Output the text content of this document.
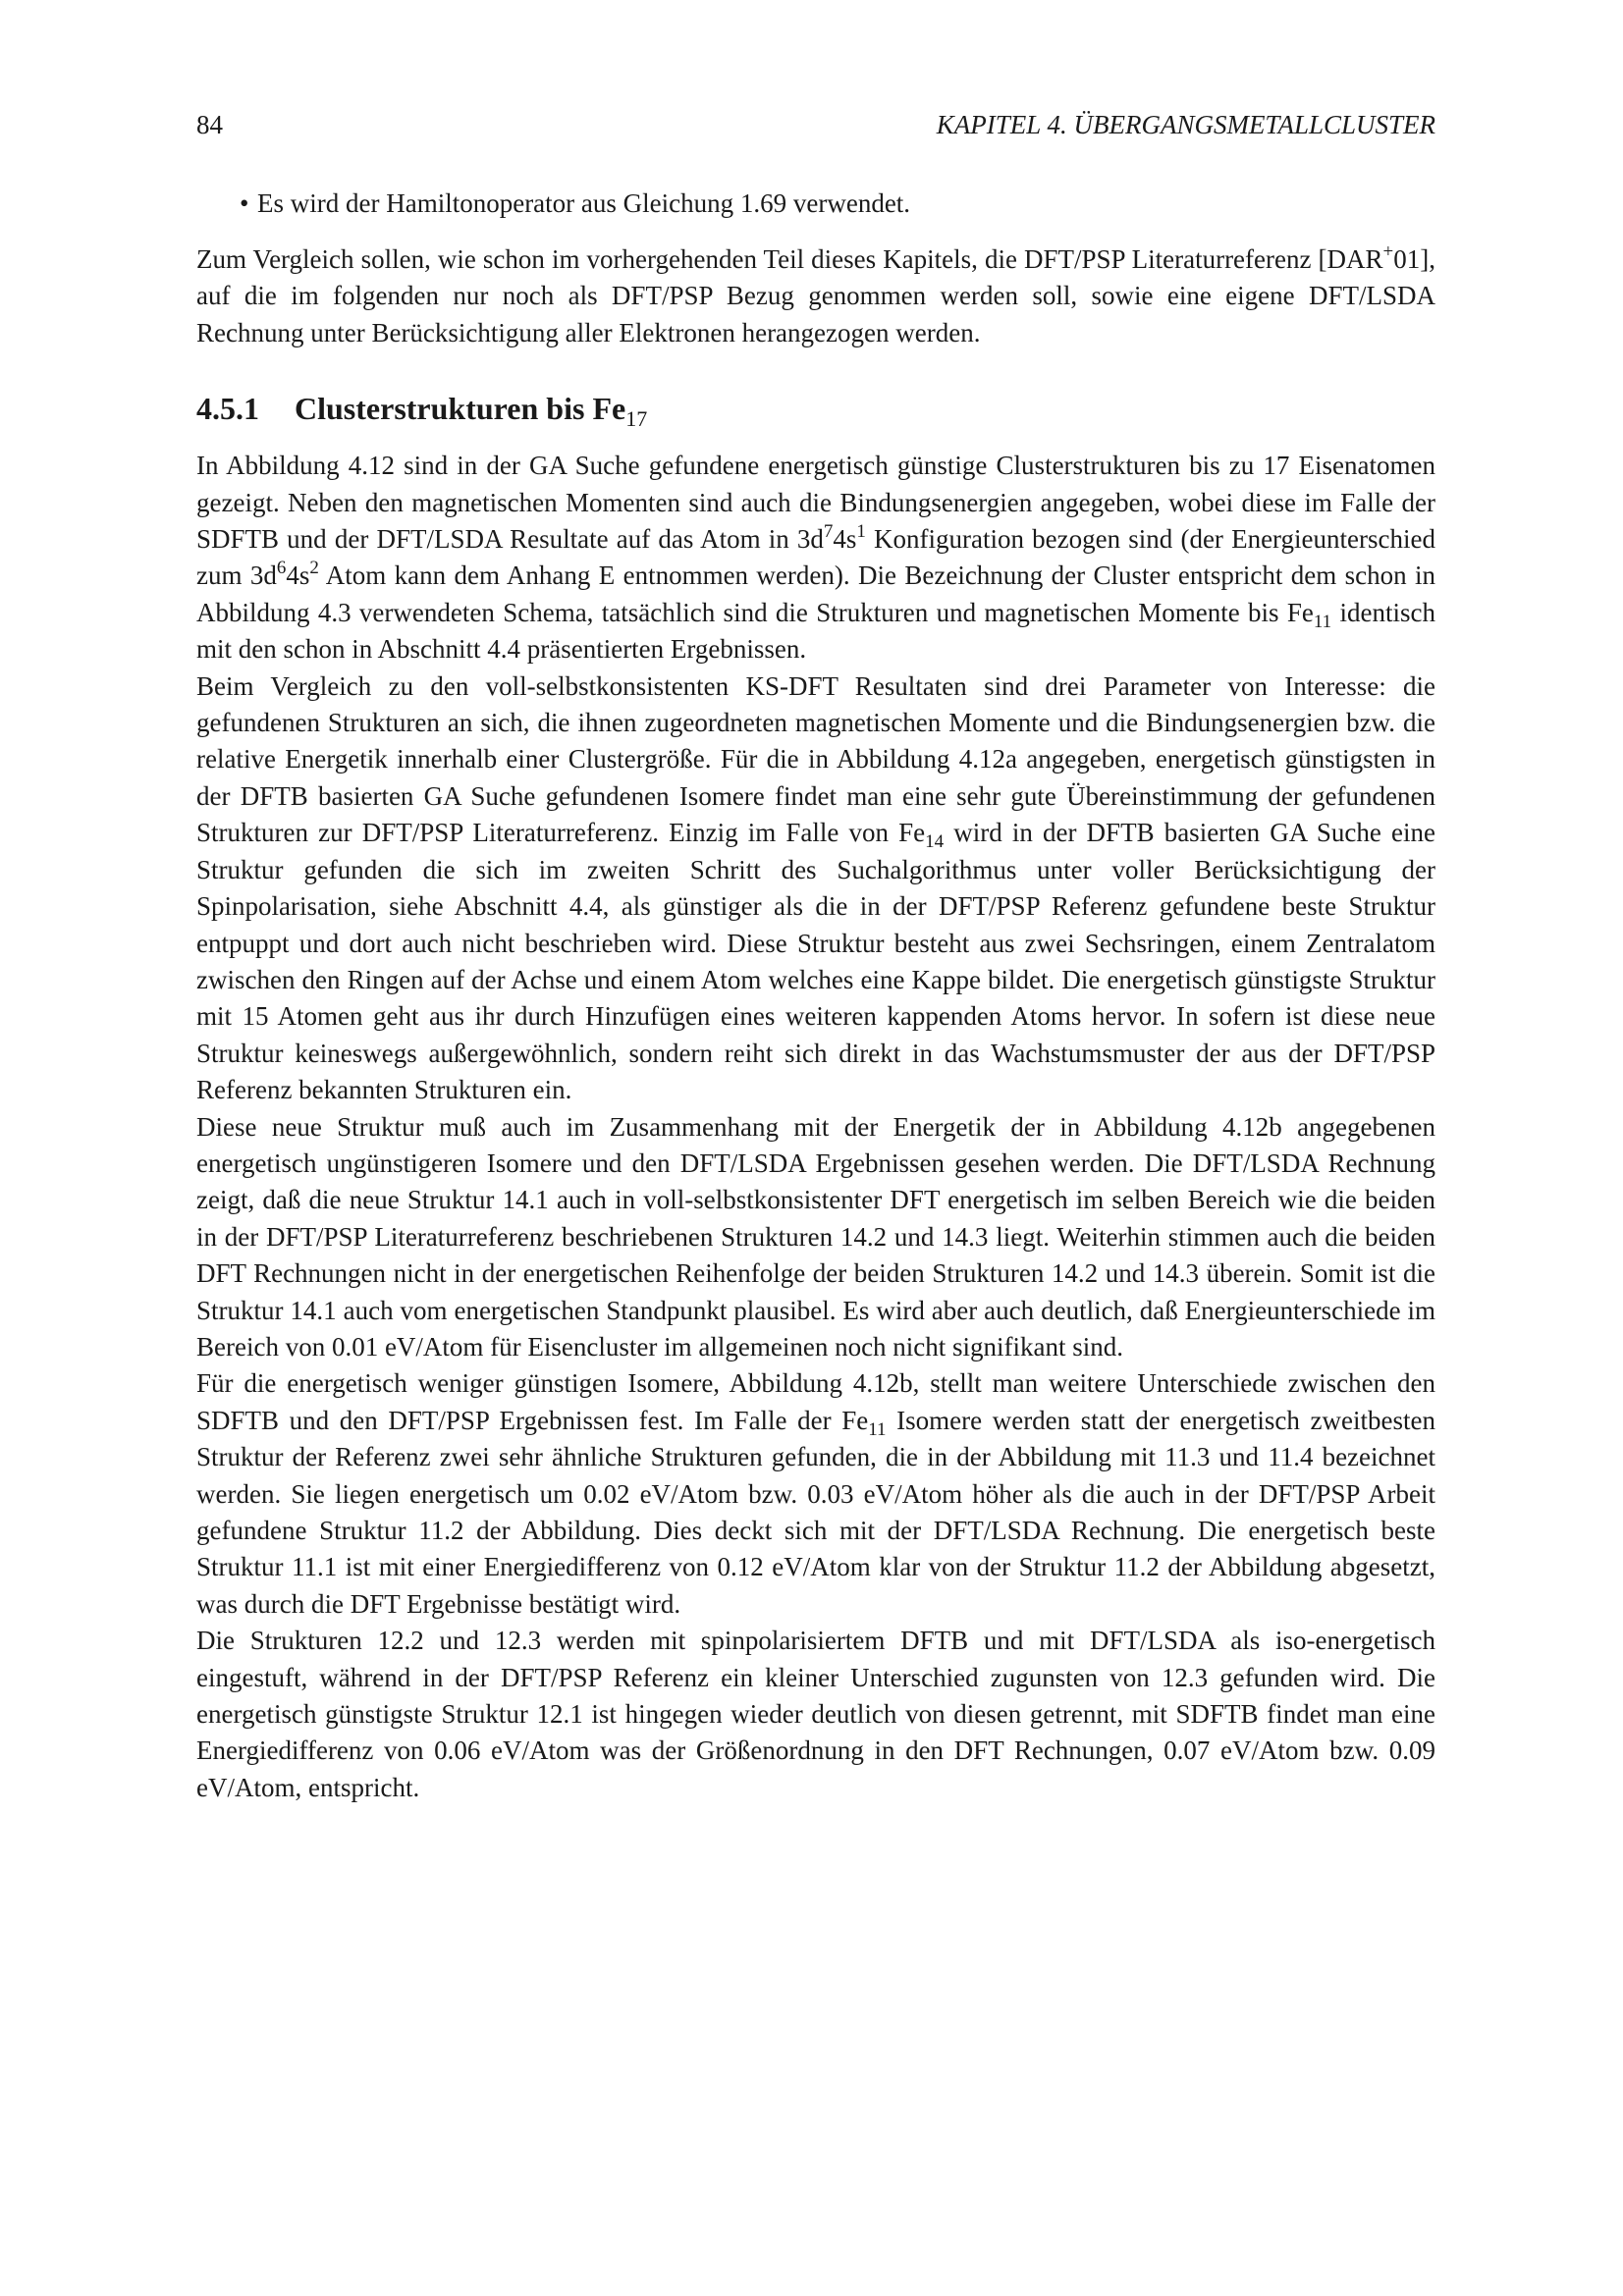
84	KAPITEL 4. ÜBERGANGSMETALLCLUSTER
• Es wird der Hamiltonoperator aus Gleichung 1.69 verwendet.

Zum Vergleich sollen, wie schon im vorhergehenden Teil dieses Kapitels, die DFT/PSP Literaturreferenz [DAR+01], auf die im folgenden nur noch als DFT/PSP Bezug genommen werden soll, sowie eine eigene DFT/LSDA Rechnung unter Berücksichtigung aller Elektronen herangezogen werden.

4.5.1	Clusterstrukturen bis $Fe_{17}$

In Abbildung 4.12 sind in der GA Suche gefundene energetisch günstige Clusterstrukturen bis zu 17 Eisenatomen gezeigt. Neben den magnetischen Momenten sind auch die Bindungsenergien angegeben, wobei diese im Falle der SDFTB und der DFT/LSDA Resultate auf das Atom in $3d^74s^1$ Konfiguration bezogen sind (der Energieunterschied zum $3d^64s^2$ Atom kann dem Anhang E entnommen werden). Die Bezeichnung der Cluster entspricht dem schon in Abbildung 4.3 verwendeten Schema, tatsächlich sind die Strukturen und magnetischen Momente bis $Fe_{11}$ identisch mit den schon in Abschnitt 4.4 präsentierten Ergebnissen.

Beim Vergleich zu den voll-selbstkonsistenten KS-DFT Resultaten sind drei Parameter von Interesse: die gefundenen Strukturen an sich, die ihnen zugeordneten magnetischen Momente und die Bindungsenergien bzw. die relative Energetik innerhalb einer Clustergröße. Für die in Abbildung 4.12a angegeben, energetisch günstigsten in der DFTB basierten GA Suche gefundenen Isomere findet man eine sehr gute Übereinstimmung der gefundenen Strukturen zur DFT/PSP Literaturreferenz. Einzig im Falle von $Fe_{14}$ wird in der DFTB basierten GA Suche eine Struktur gefunden die sich im zweiten Schritt des Suchalgorithmus unter voller Berücksichtigung der Spinpolarisation, siehe Abschnitt 4.4, als günstiger als die in der DFT/PSP Referenz gefundene beste Struktur entpuppt und dort auch nicht beschrieben wird. Diese Struktur besteht aus zwei Sechsringen, einem Zentralatom zwischen den Ringen auf der Achse und einem Atom welches eine Kappe bildet. Die energetisch günstigste Struktur mit 15 Atomen geht aus ihr durch Hinzufügen eines weiteren kappenden Atoms hervor. In sofern ist diese neue Struktur keineswegs außergewöhnlich, sondern reiht sich direkt in das Wachstumsmuster der aus der DFT/PSP Referenz bekannten Strukturen ein.

Diese neue Struktur muß auch im Zusammenhang mit der Energetik der in Abbildung 4.12b angegebenen energetisch ungünstigeren Isomere und den DFT/LSDA Ergebnissen gesehen werden. Die DFT/LSDA Rechnung zeigt, daß die neue Struktur 14.1 auch in voll-selbstkonsistenter DFT energetisch im selben Bereich wie die beiden in der DFT/PSP Literaturreferenz beschriebenen Strukturen 14.2 und 14.3 liegt. Weiterhin stimmen auch die beiden DFT Rechnungen nicht in der energetischen Reihenfolge der beiden Strukturen 14.2 und 14.3 überein. Somit ist die Struktur 14.1 auch vom energetischen Standpunkt plausibel. Es wird aber auch deutlich, daß Energieunterschiede im Bereich von 0.01 eV/Atom für Eisencluster im allgemeinen noch nicht signifikant sind.

Für die energetisch weniger günstigen Isomere, Abbildung 4.12b, stellt man weitere Unterschiede zwischen den SDFTB und den DFT/PSP Ergebnissen fest. Im Falle der $Fe_{11}$ Isomere werden statt der energetisch zweitbesten Struktur der Referenz zwei sehr ähnliche Strukturen gefunden, die in der Abbildung mit 11.3 und 11.4 bezeichnet werden. Sie liegen energetisch um 0.02 eV/Atom bzw. 0.03 eV/Atom höher als die auch in der DFT/PSP Arbeit gefundene Struktur 11.2 der Abbildung. Dies deckt sich mit der DFT/LSDA Rechnung. Die energetisch beste Struktur 11.1 ist mit einer Energiedifferenz von 0.12 eV/Atom klar von der Struktur 11.2 der Abbildung abgesetzt, was durch die DFT Ergebnisse bestätigt wird.

Die Strukturen 12.2 und 12.3 werden mit spinpolarisiertem DFTB und mit DFT/LSDA als iso-energetisch eingestuft, während in der DFT/PSP Referenz ein kleiner Unterschied zugunsten von 12.3 gefunden wird. Die energetisch günstigste Struktur 12.1 ist hingegen wieder deutlich von diesen getrennt, mit SDFTB findet man eine Energiedifferenz von 0.06 eV/Atom was der Größenordnung in den DFT Rechnungen, 0.07 eV/Atom bzw. 0.09 eV/Atom, entspricht.
